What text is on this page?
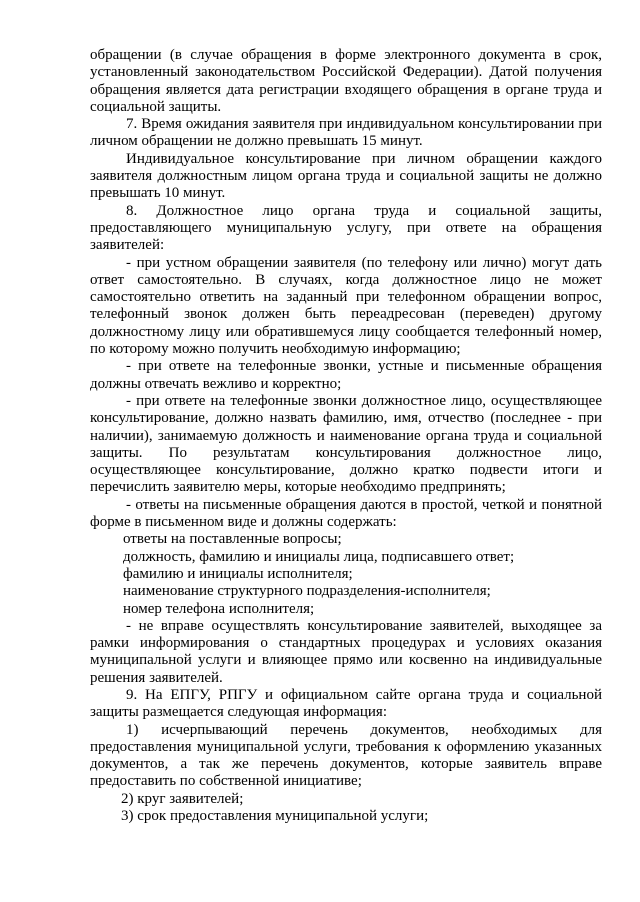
обращении (в случае обращения в форме электронного документа в срок, установленный законодательством Российской Федерации). Датой получения обращения является дата регистрации входящего обращения в органе труда и социальной защиты.

7. Время ожидания заявителя при индивидуальном консультировании при личном обращении не должно превышать 15 минут.

Индивидуальное консультирование при личном обращении каждого заявителя должностным лицом органа труда и социальной защиты не должно превышать 10 минут.

8. Должностное лицо органа труда и социальной защиты, предоставляющего муниципальную услугу, при ответе на обращения заявителей:

- при устном обращении заявителя (по телефону или лично) могут дать ответ самостоятельно. В случаях, когда должностное лицо не может самостоятельно ответить на заданный при телефонном обращении вопрос, телефонный звонок должен быть переадресован (переведен) другому должностному лицу или обратившемуся лицу сообщается телефонный номер, по которому можно получить необходимую информацию;

- при ответе на телефонные звонки, устные и письменные обращения должны отвечать вежливо и корректно;

- при ответе на телефонные звонки должностное лицо, осуществляющее консультирование, должно назвать фамилию, имя, отчество (последнее - при наличии), занимаемую должность и наименование органа труда и социальной защиты. По результатам консультирования должностное лицо, осуществляющее консультирование, должно кратко подвести итоги и перечислить заявителю меры, которые необходимо предпринять;

- ответы на письменные обращения даются в простой, четкой и понятной форме в письменном виде и должны содержать:

ответы на поставленные вопросы;

должность, фамилию и инициалы лица, подписавшего ответ;

фамилию и инициалы исполнителя;

наименование структурного подразделения-исполнителя;

номер телефона исполнителя;

- не вправе осуществлять консультирование заявителей, выходящее за рамки информирования о стандартных процедурах и условиях оказания муниципальной услуги и влияющее прямо или косвенно на индивидуальные решения заявителей.

9. На ЕПГУ, РПГУ и официальном сайте органа труда и социальной защиты размещается следующая информация:

1) исчерпывающий перечень документов, необходимых для предоставления муниципальной услуги, требования к оформлению указанных документов, а так же перечень документов, которые заявитель вправе предоставить по собственной инициативе;

2) круг заявителей;

3) срок предоставления муниципальной услуги;
